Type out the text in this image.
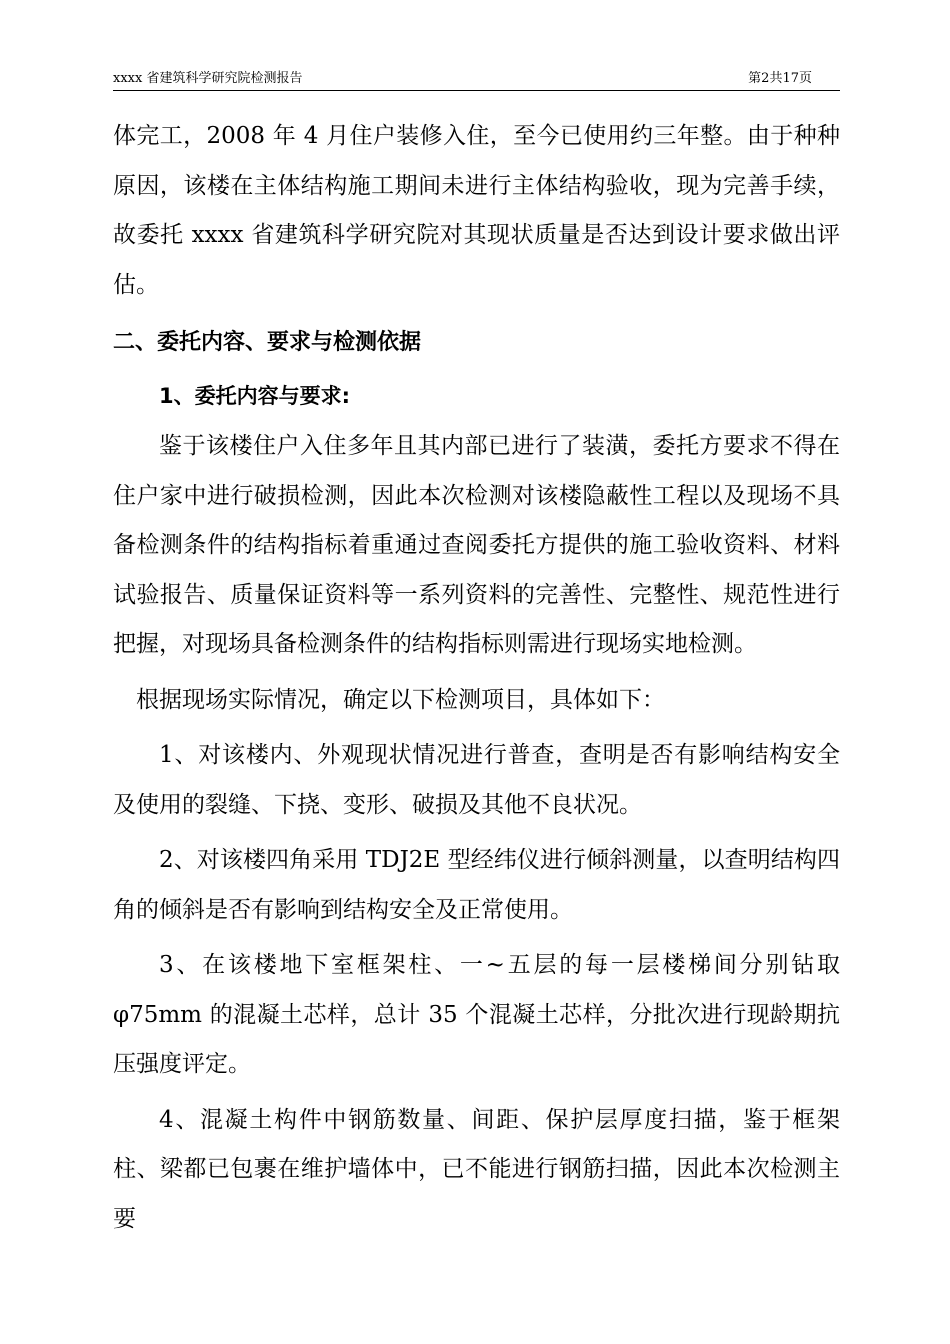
xxxx 省建筑科学研究院检测报告	第2共17页

体完工，2008 年 4 月住户装修入住，至今已使用约三年整。由于种种原因，该楼在主体结构施工期间未进行主体结构验收，现为完善手续，故委托 xxxx 省建筑科学研究院对其现状质量是否达到设计要求做出评估。

二、委托内容、要求与检测依据

1、委托内容与要求:

鉴于该楼住户入住多年且其内部已进行了装潢，委托方要求不得在住户家中进行破损检测，因此本次检测对该楼隐蔽性工程以及现场不具备检测条件的结构指标着重通过查阅委托方提供的施工验收资料、材料试验报告、质量保证资料等一系列资料的完善性、完整性、规范性进行把握，对现场具备检测条件的结构指标则需进行现场实地检测。

根据现场实际情况，确定以下检测项目，具体如下：

1、对该楼内、外观现状情况进行普查，查明是否有影响结构安全及使用的裂缝、下挠、变形、破损及其他不良状况。

2、对该楼四角采用 TDJ2E 型经纬仪进行倾斜测量，以查明结构四角的倾斜是否有影响到结构安全及正常使用。

3、在该楼地下室框架柱、一~五层的每一层楼梯间分别钻取φ75mm 的混凝土芯样，总计 35 个混凝土芯样，分批次进行现龄期抗压强度评定。

4、混凝土构件中钢筋数量、间距、保护层厚度扫描，鉴于框架柱、梁都已包裹在维护墙体中，已不能进行钢筋扫描，因此本次检测主要
